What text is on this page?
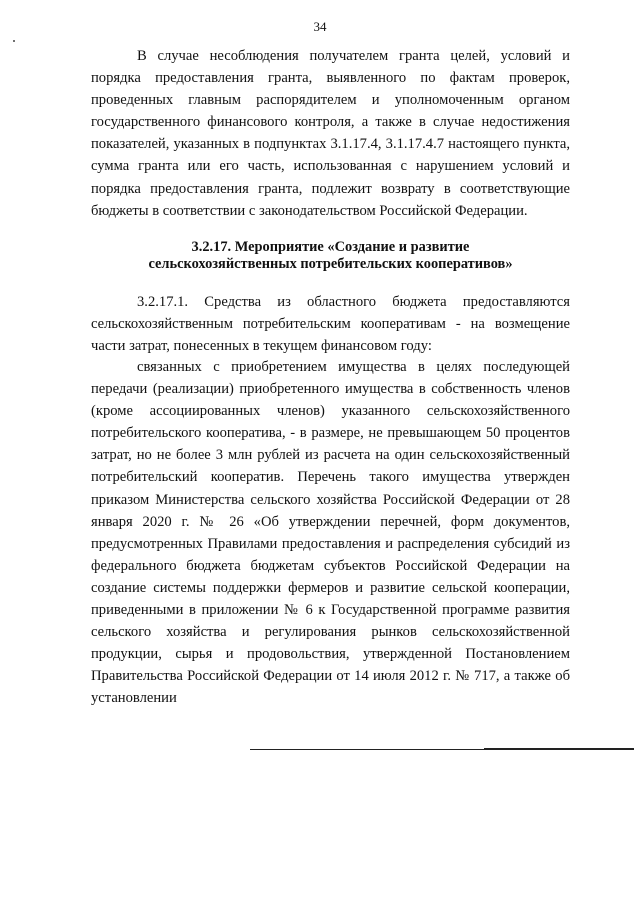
34

В случае несоблюдения получателем гранта целей, условий и порядка предоставления гранта, выявленного по фактам проверок, проведенных главным распорядителем и уполномоченным органом государственного финансового контроля, а также в случае недостижения показателей, указанных в подпунктах 3.1.17.4, 3.1.17.4.7 настоящего пункта, сумма гранта или его часть, использованная с нарушением условий и порядка предоставления гранта, подлежит возврату в соответствующие бюджеты в соответствии с законодательством Российской Федерации.

3.2.17. Мероприятие «Создание и развитие
сельскохозяйственных потребительских кооперативов»

3.2.17.1. Средства из областного бюджета предоставляются сельскохозяйственным потребительским кооперативам - на возмещение части затрат, понесенных в текущем финансовом году:

связанных с приобретением имущества в целях последующей передачи (реализации) приобретенного имущества в собственность членов (кроме ассоциированных членов) указанного сельскохозяйственного потребительского кооператива, - в размере, не превышающем 50 процентов затрат, но не более 3 млн рублей из расчета на один сельскохозяйственный потребительский кооператив. Перечень такого имущества утвержден приказом Министерства сельского хозяйства Российской Федерации от 28 января 2020 г. № 26 «Об утверждении перечней, форм документов, предусмотренных Правилами предоставления и распределения субсидий из федерального бюджета бюджетам субъектов Российской Федерации на создание системы поддержки фермеров и развитие сельской кооперации, приведенными в приложении № 6 к Государственной программе развития сельского хозяйства и регулирования рынков сельскохозяйственной продукции, сырья и продовольствия, утвержденной Постановлением Правительства Российской Федерации от 14 июля 2012 г. № 717, а также об установлении
